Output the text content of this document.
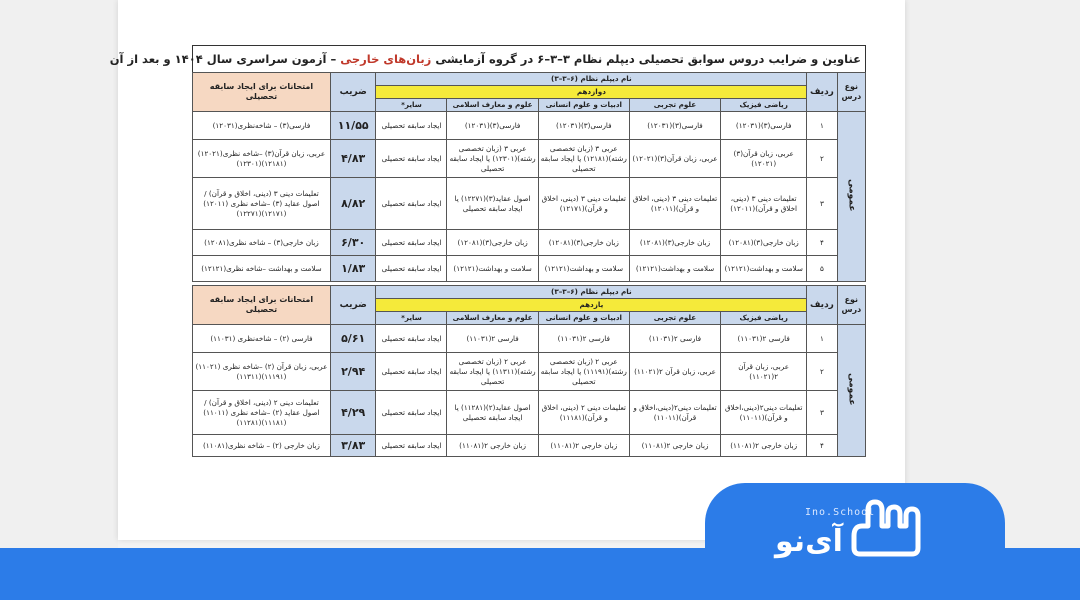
عناوین و ضرایب دروس سوابق تحصیلی دیپلم نظام ۳–۳–۶ در گروه آزمایشی زبان‌های خارجی – آزمون سراسری سال ۱۴۰۴ و بعد از آن
نوع درس	ردیف	نام دیپلم نظام (۶–۳–۳)					ضریب	امتحانات برای ایجاد سابقه تحصیلی
		دوازدهم						
		ریاضی فیزیک	علوم تجربی	ادبیات و علوم انسانی	علوم و معارف اسلامی	سایر*		
عمومی	۱	فارسی(۳)(۱۲۰۳۱)	فارسی(۳)(۱۲۰۳۱)	فارسی(۳)(۱۲۰۳۱)	فارسی(۳)(۱۲۰۳۱)	ایجاد سابقه تحصیلی	۱۱/۵۵	فارسی(۳) – شاخه‌نظری(۱۲۰۳۱)
	۲	عربی، زبان قرآن(۳)(۱۲۰۲۱)	عربی، زبان قرآن(۳)(۱۲۰۲۱)	عربی ۳ (زبان تخصصی رشته)(۱۲۱۸۱) یا ایجاد سابقه تحصیلی	عربی ۳ (زبان تخصصی رشته)(۱۲۳۰۱) یا ایجاد سابقه تحصیلی	ایجاد سابقه تحصیلی	۴/۸۳	عربی، زبان قرآن(۳) –شاخه نظری(۱۲۰۲۱)(۱۲۱۸۱)(۱۲۳۰۱)
	۳	تعلیمات دینی ۳ (دینی، اخلاق و قرآن)(۱۲۰۱۱)	تعلیمات دینی ۳ (دینی، اخلاق و قرآن)(۱۲۰۱۱)	تعلیمات دینی ۳ (دینی، اخلاق و قرآن)(۱۲۱۷۱)	اصول عقاید(۳)(۱۲۲۷۱) یا ایجاد سابقه تحصیلی	ایجاد سابقه تحصیلی	۸/۸۲	تعلیمات دینی ۳ (دینی، اخلاق و قرآن) / اصول عقاید (۳) –شاخه نظری (۱۲۰۱۱)(۱۲۱۷۱)(۱۲۲۷۱)
	۴	زبان خارجی(۳)(۱۲۰۸۱)	زبان خارجی(۳)(۱۲۰۸۱)	زبان خارجی(۳)(۱۲۰۸۱)	زبان خارجی(۳)(۱۲۰۸۱)	ایجاد سابقه تحصیلی	۶/۳۰	زبان خارجی(۳) – شاخه نظری(۱۲۰۸۱)
	۵	سلامت و بهداشت(۱۲۱۲۱)	سلامت و بهداشت(۱۲۱۲۱)	سلامت و بهداشت(۱۲۱۲۱)	سلامت و بهداشت(۱۲۱۲۱)	ایجاد سابقه تحصیلی	۱/۸۳	سلامت و بهداشت –شاخه نظری(۱۲۱۲۱)

نوع درس	ردیف	نام دیپلم نظام (۶–۳–۳)					ضریب	امتحانات برای ایجاد سابقه تحصیلی
		یازدهم						
		ریاضی فیزیک	علوم تجربی	ادبیات و علوم انسانی	علوم و معارف اسلامی	سایر*		
عمومی	۱	فارسی ۲(۱۱۰۳۱)	فارسی ۲(۱۱۰۳۱)	فارسی ۲(۱۱۰۳۱)	فارسی ۲(۱۱۰۳۱)	ایجاد سابقه تحصیلی	۵/۶۱	فارسی (۲) – شاخه‌نظری (۱۱۰۳۱)
	۲	عربی، زبان قرآن ۲(۱۱۰۲۱)	عربی، زبان قرآن ۲(۱۱۰۲۱)	عربی ۲ (زبان تخصصی رشته)(۱۱۱۹۱) یا ایجاد سابقه تحصیلی	عربی ۲ (زبان تخصصی رشته)(۱۱۳۱۱) یا ایجاد سابقه تحصیلی	ایجاد سابقه تحصیلی	۲/۹۴	عربی، زبان قرآن (۲) –شاخه نظری (۱۱۰۲۱)(۱۱۱۹۱)(۱۱۳۱۱)
	۳	تعلیمات دینی۲(دینی،اخلاق و قرآن)(۱۱۰۱۱)	تعلیمات دینی۲(دینی،اخلاق و قرآن)(۱۱۰۱۱)	تعلیمات دینی ۲ (دینی، اخلاق و قرآن)(۱۱۱۸۱)	اصول عقاید(۲)(۱۱۲۸۱) یا ایجاد سابقه تحصیلی	ایجاد سابقه تحصیلی	۴/۲۹	تعلیمات دینی ۲ (دینی، اخلاق و قرآن) / اصول عقاید (۲) –شاخه نظری (۱۱۰۱۱)(۱۱۱۸۱)(۱۱۲۸۱)
	۴	زبان خارجی ۲(۱۱۰۸۱)	زبان خارجی ۲(۱۱۰۸۱)	زبان خارجی ۲(۱۱۰۸۱)	زبان خارجی ۲(۱۱۰۸۱)	ایجاد سابقه تحصیلی	۳/۸۳	زبان خارجی (۲) – شاخه نظری(۱۱۰۸۱)
Ino.School
آی‌نو
